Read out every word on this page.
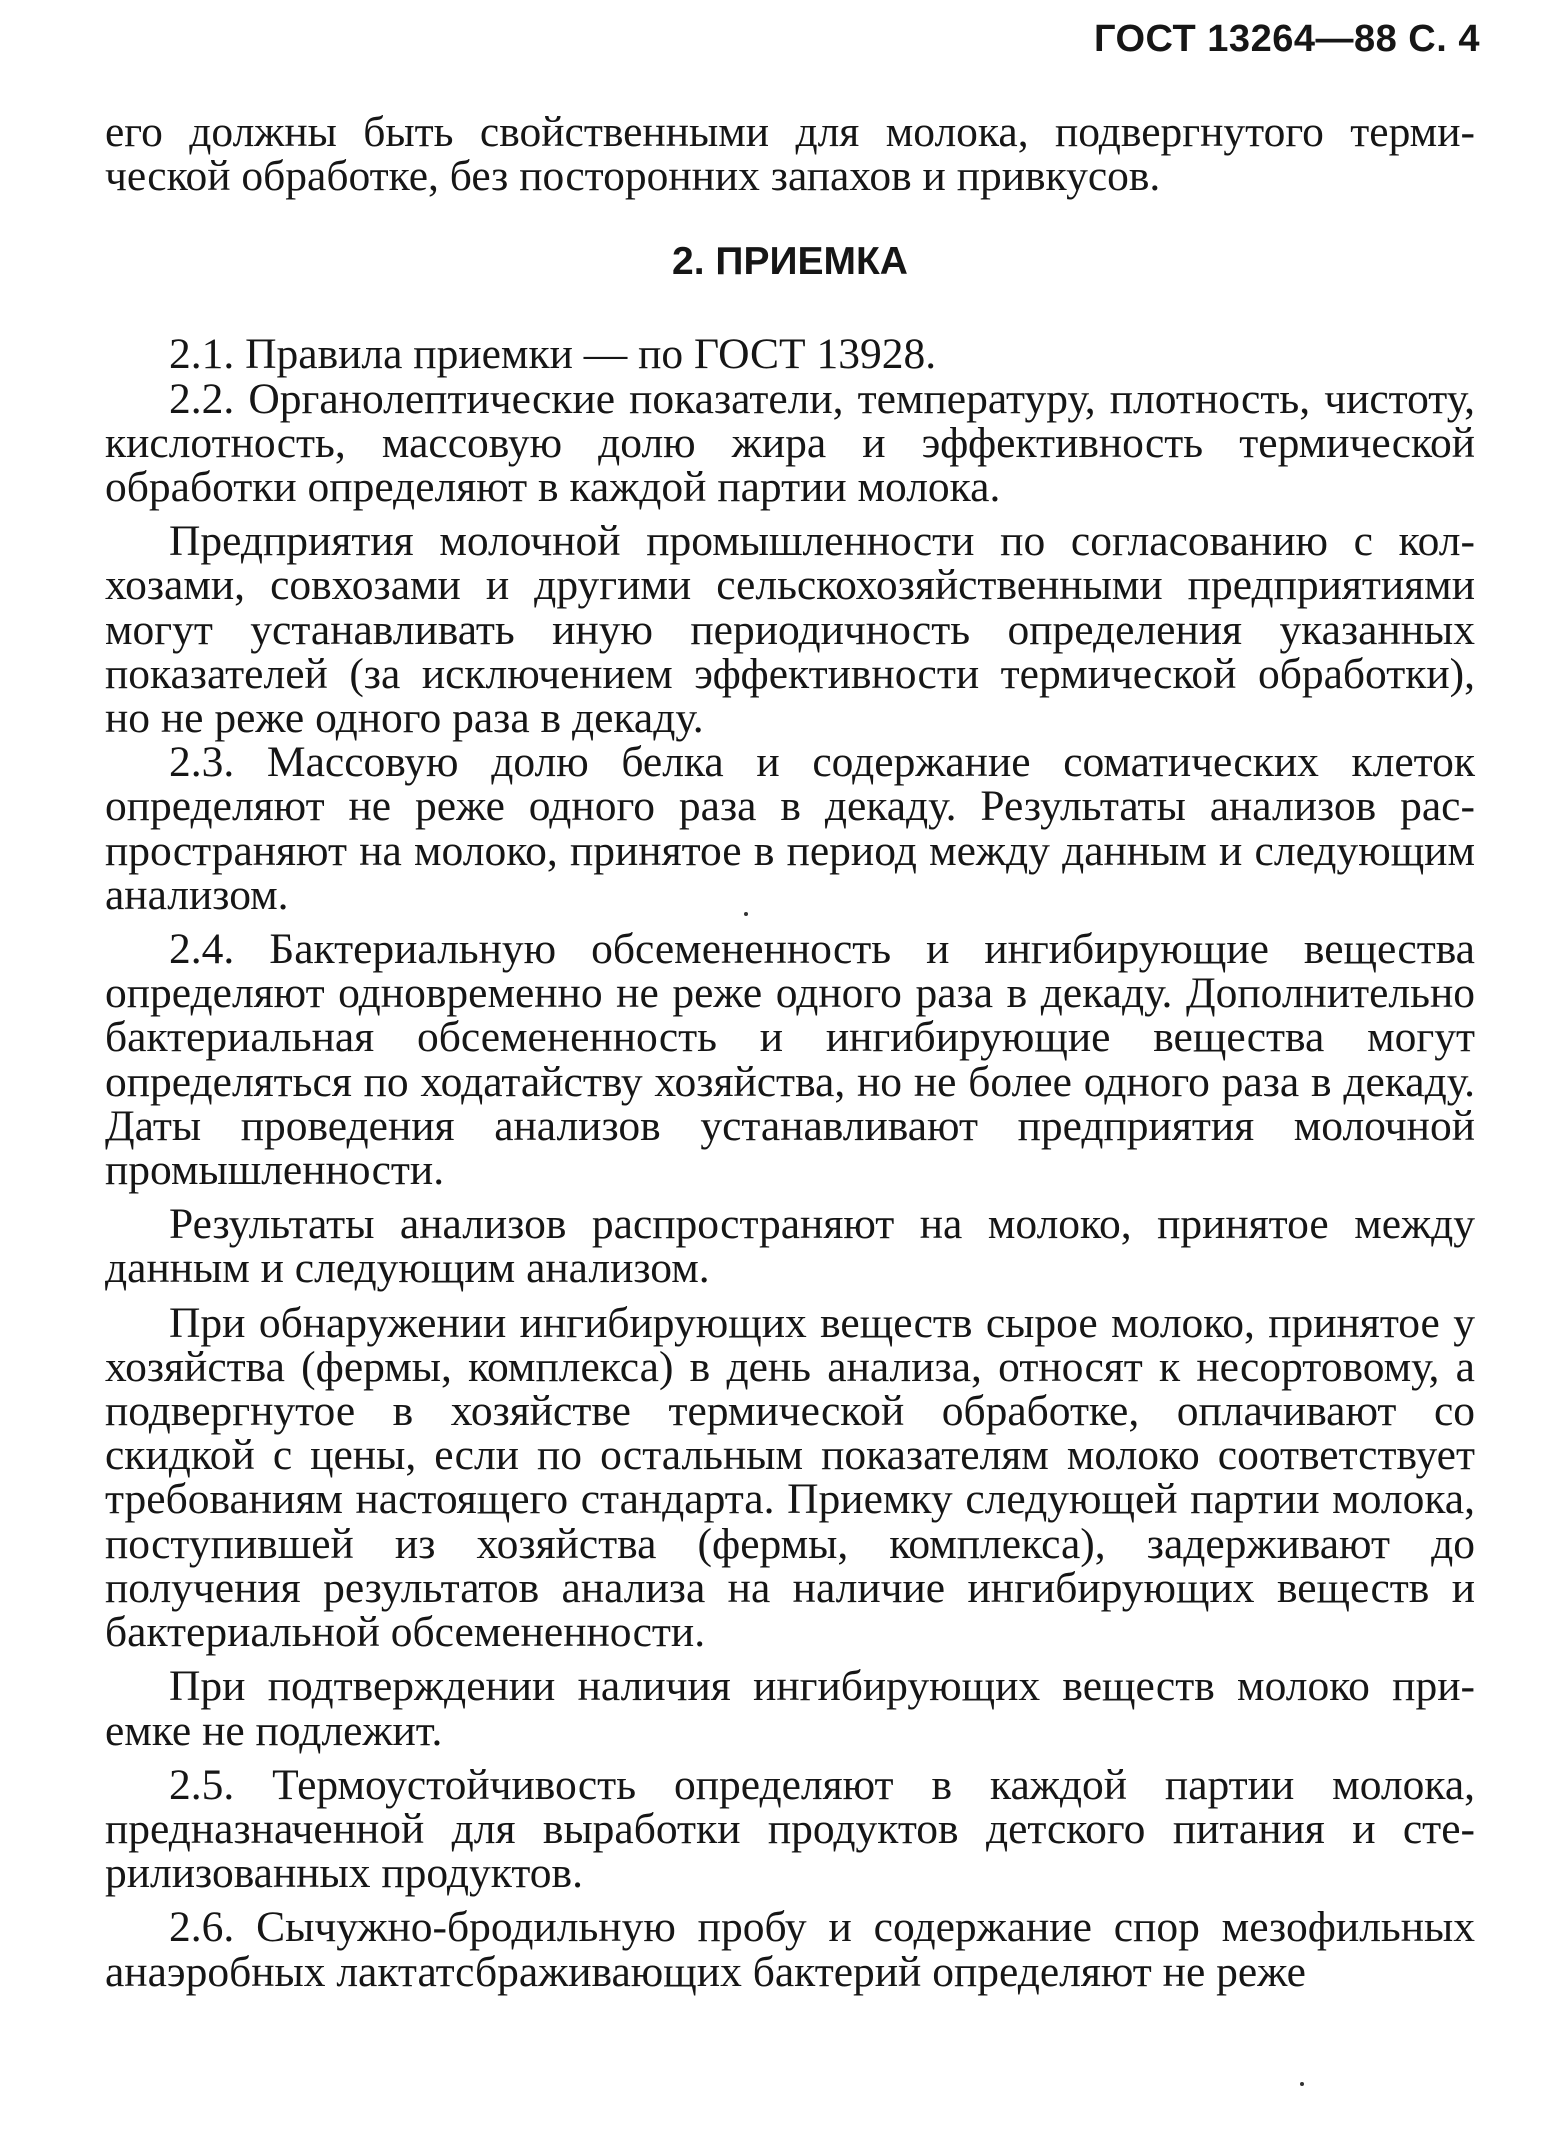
ГОСТ 13264—88 С. 4

его должны быть свойственными для молока, подвергнутого термической обработке, без посторонних запахов и привкусов.

2. ПРИЕМКА

2.1. Правила приемки — по ГОСТ 13928.

2.2. Органолептические показатели, температуру, плотность, чистоту, кислотность, массовую долю жира и эффективность термической обработки определяют в каждой партии молока.

Предприятия молочной промышленности по согласованию с колхозами, совхозами и другими сельскохозяйственными предприятиями могут устанавливать иную периодичность определения указанных показателей (за исключением эффективности термической обработки), но не реже одного раза в декаду.

2.3. Массовую долю белка и содержание соматических клеток определяют не реже одного раза в декаду. Результаты анализов распространяют на молоко, принятое в период между данным и следующим анализом.

2.4. Бактериальную обсемененность и ингибирующие вещества определяют одновременно не реже одного раза в декаду. Дополнительно бактериальная обсемененность и ингибирующие вещества могут определяться по ходатайству хозяйства, но не более одного раза в декаду. Даты проведения анализов устанавливают предприятия молочной промышленности.

Результаты анализов распространяют на молоко, принятое между данным и следующим анализом.

При обнаружении ингибирующих веществ сырое молоко, принятое у хозяйства (фермы, комплекса) в день анализа, относят к несортовому, а подвергнутое в хозяйстве термической обработке, оплачивают со скидкой с цены, если по остальным показателям молоко соответствует требованиям настоящего стандарта. Приемку следующей партии молока, поступившей из хозяйства (фермы, комплекса), задерживают до получения результатов анализа на наличие ингибирующих веществ и бактериальной обсемененности.

При подтверждении наличия ингибирующих веществ молоко приемке не подлежит.

2.5. Термоустойчивость определяют в каждой партии молока, предназначенной для выработки продуктов детского питания и стерилизованных продуктов.

2.6. Сычужно-бродильную пробу и содержание спор мезофильных анаэробных лактатсбраживающих бактерий определяют не реже
